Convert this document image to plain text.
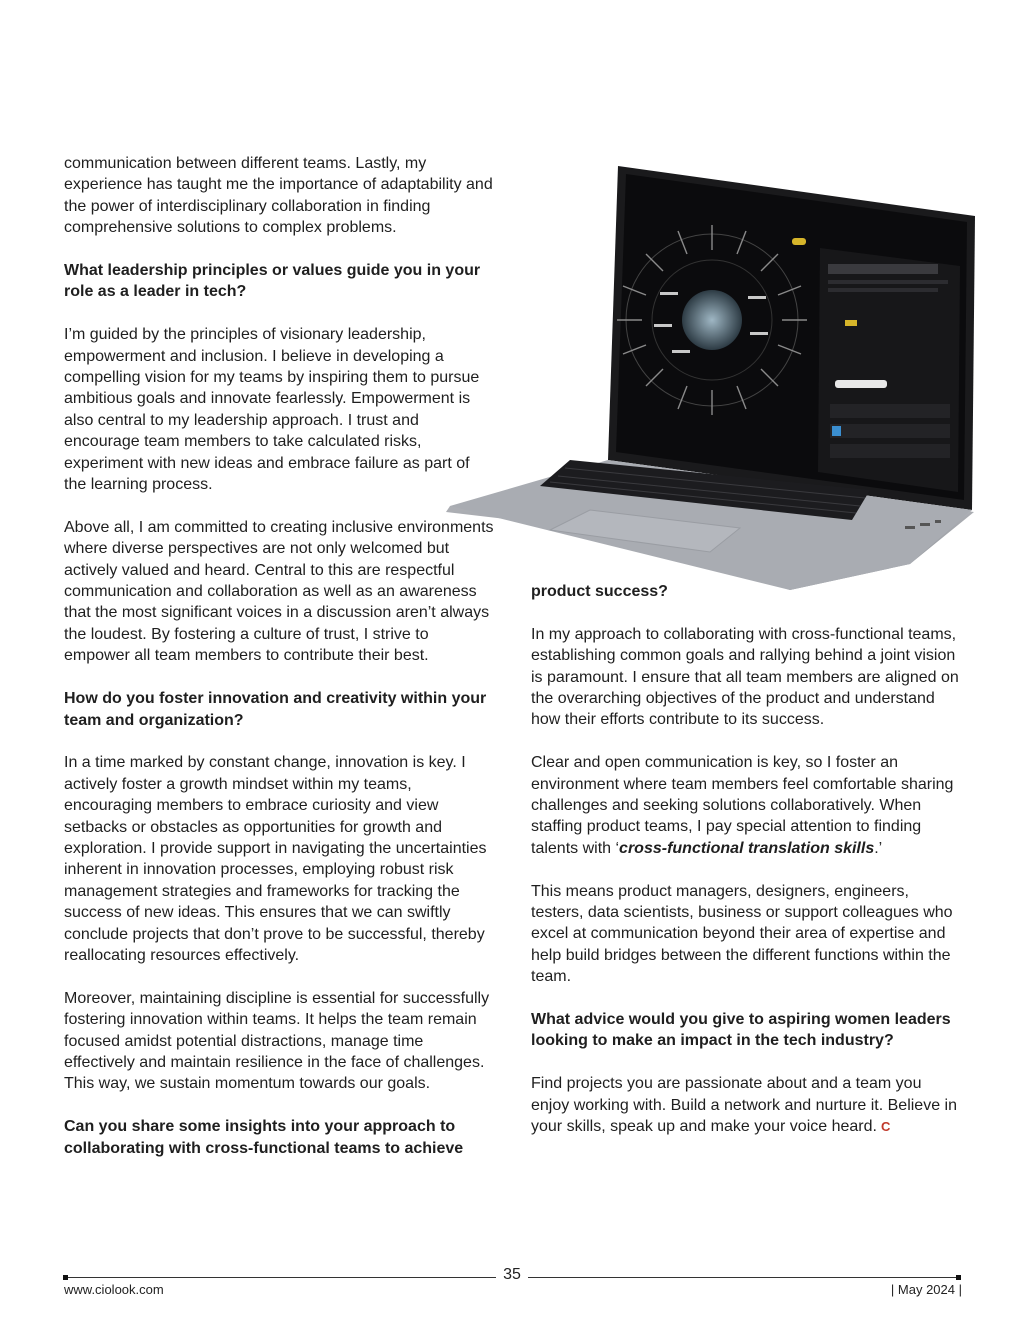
communication between different teams. Lastly, my experience has taught me the importance of adaptability and the power of interdisciplinary collaboration in finding comprehensive solutions to complex problems.

What leadership principles or values guide you in your role as a leader in tech?

I’m guided by the principles of visionary leadership, empowerment and inclusion. I believe in developing a compelling vision for my teams by inspiring them to pursue ambitious goals and innovate fearlessly. Empowerment is also central to my leadership approach. I trust and encourage team members to take calculated risks, experiment with new ideas and embrace failure as part of the learning process.

Above all, I am committed to creating inclusive environments where diverse perspectives are not only welcomed but actively valued and heard. Central to this are respectful communication and collaboration as well as an awareness that the most significant voices in a discussion aren’t always the loudest. By fostering a culture of trust, I strive to empower all team members to contribute their best.

How do you foster innovation and creativity within your team and organization?

In a time marked by constant change, innovation is key. I actively foster a growth mindset within my teams, encouraging members to embrace curiosity and view setbacks or obstacles as opportunities for growth and exploration. I provide support in navigating the uncertainties inherent in innovation processes, employing robust risk management strategies and frameworks for tracking the success of new ideas. This ensures that we can swiftly conclude projects that don’t prove to be successful, thereby reallocating resources effectively.

Moreover, maintaining discipline is essential for successfully fostering innovation within teams. It helps the team remain focused amidst potential distractions, manage time effectively and maintain resilience in the face of challenges. This way, we sustain momentum towards our goals.

Can you share some insights into your approach to collaborating with cross-functional teams to achieve

product success?

In my approach to collaborating with cross-functional teams, establishing common goals and rallying behind a joint vision is paramount. I ensure that all team members are aligned on the overarching objectives of the product and understand how their efforts contribute to its success.

Clear and open communication is key, so I foster an environment where team members feel comfortable sharing challenges and seeking solutions collaboratively. When staffing product teams, I pay special attention to finding talents with ‘cross-functional translation skills.’

This means product managers, designers, engineers, testers, data scientists, business or support colleagues who excel at communication beyond their area of expertise and help build bridges between the different functions within the team.

What advice would you give to aspiring women leaders looking to make an impact in the tech industry?

Find projects you are passionate about and a team you enjoy working with. Build a network and nurture it. Believe in your skills, speak up and make your voice heard. C

35
www.ciolook.com	| May 2024 |
